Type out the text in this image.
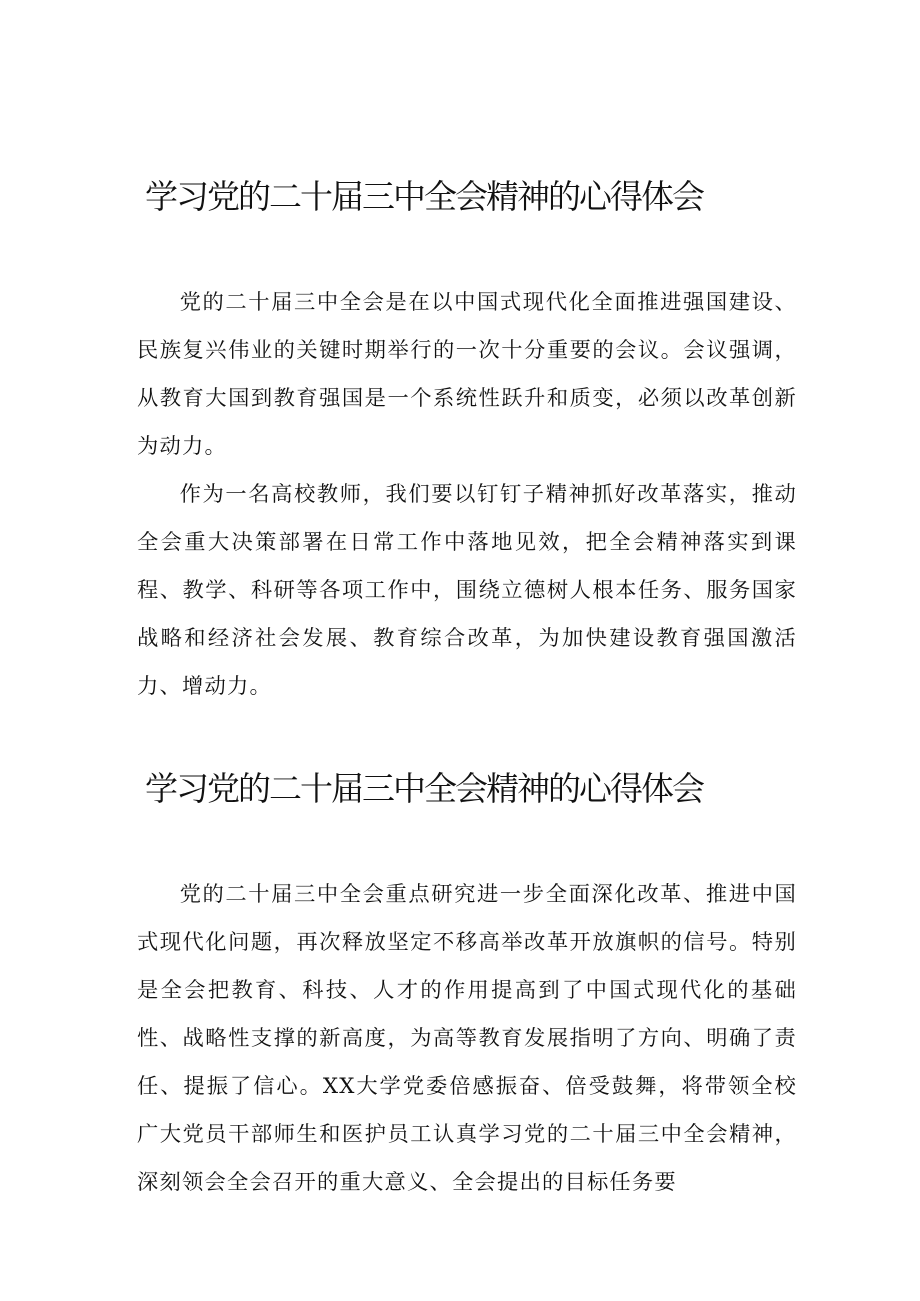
学习党的二十届三中全会精神的心得体会

党的二十届三中全会是在以中国式现代化全面推进强国建设、民族复兴伟业的关键时期举行的一次十分重要的会议。会议强调，从教育大国到教育强国是一个系统性跃升和质变，必须以改革创新为动力。

作为一名高校教师，我们要以钉钉子精神抓好改革落实，推动全会重大决策部署在日常工作中落地见效，把全会精神落实到课程、教学、科研等各项工作中，围绕立德树人根本任务、服务国家战略和经济社会发展、教育综合改革，为加快建设教育强国激活力、增动力。

学习党的二十届三中全会精神的心得体会

党的二十届三中全会重点研究进一步全面深化改革、推进中国式现代化问题，再次释放坚定不移高举改革开放旗帜的信号。特别是全会把教育、科技、人才的作用提高到了中国式现代化的基础性、战略性支撑的新高度，为高等教育发展指明了方向、明确了责任、提振了信心。XX大学党委倍感振奋、倍受鼓舞，将带领全校广大党员干部师生和医护员工认真学习党的二十届三中全会精神，深刻领会全会召开的重大意义、全会提出的目标任务要
